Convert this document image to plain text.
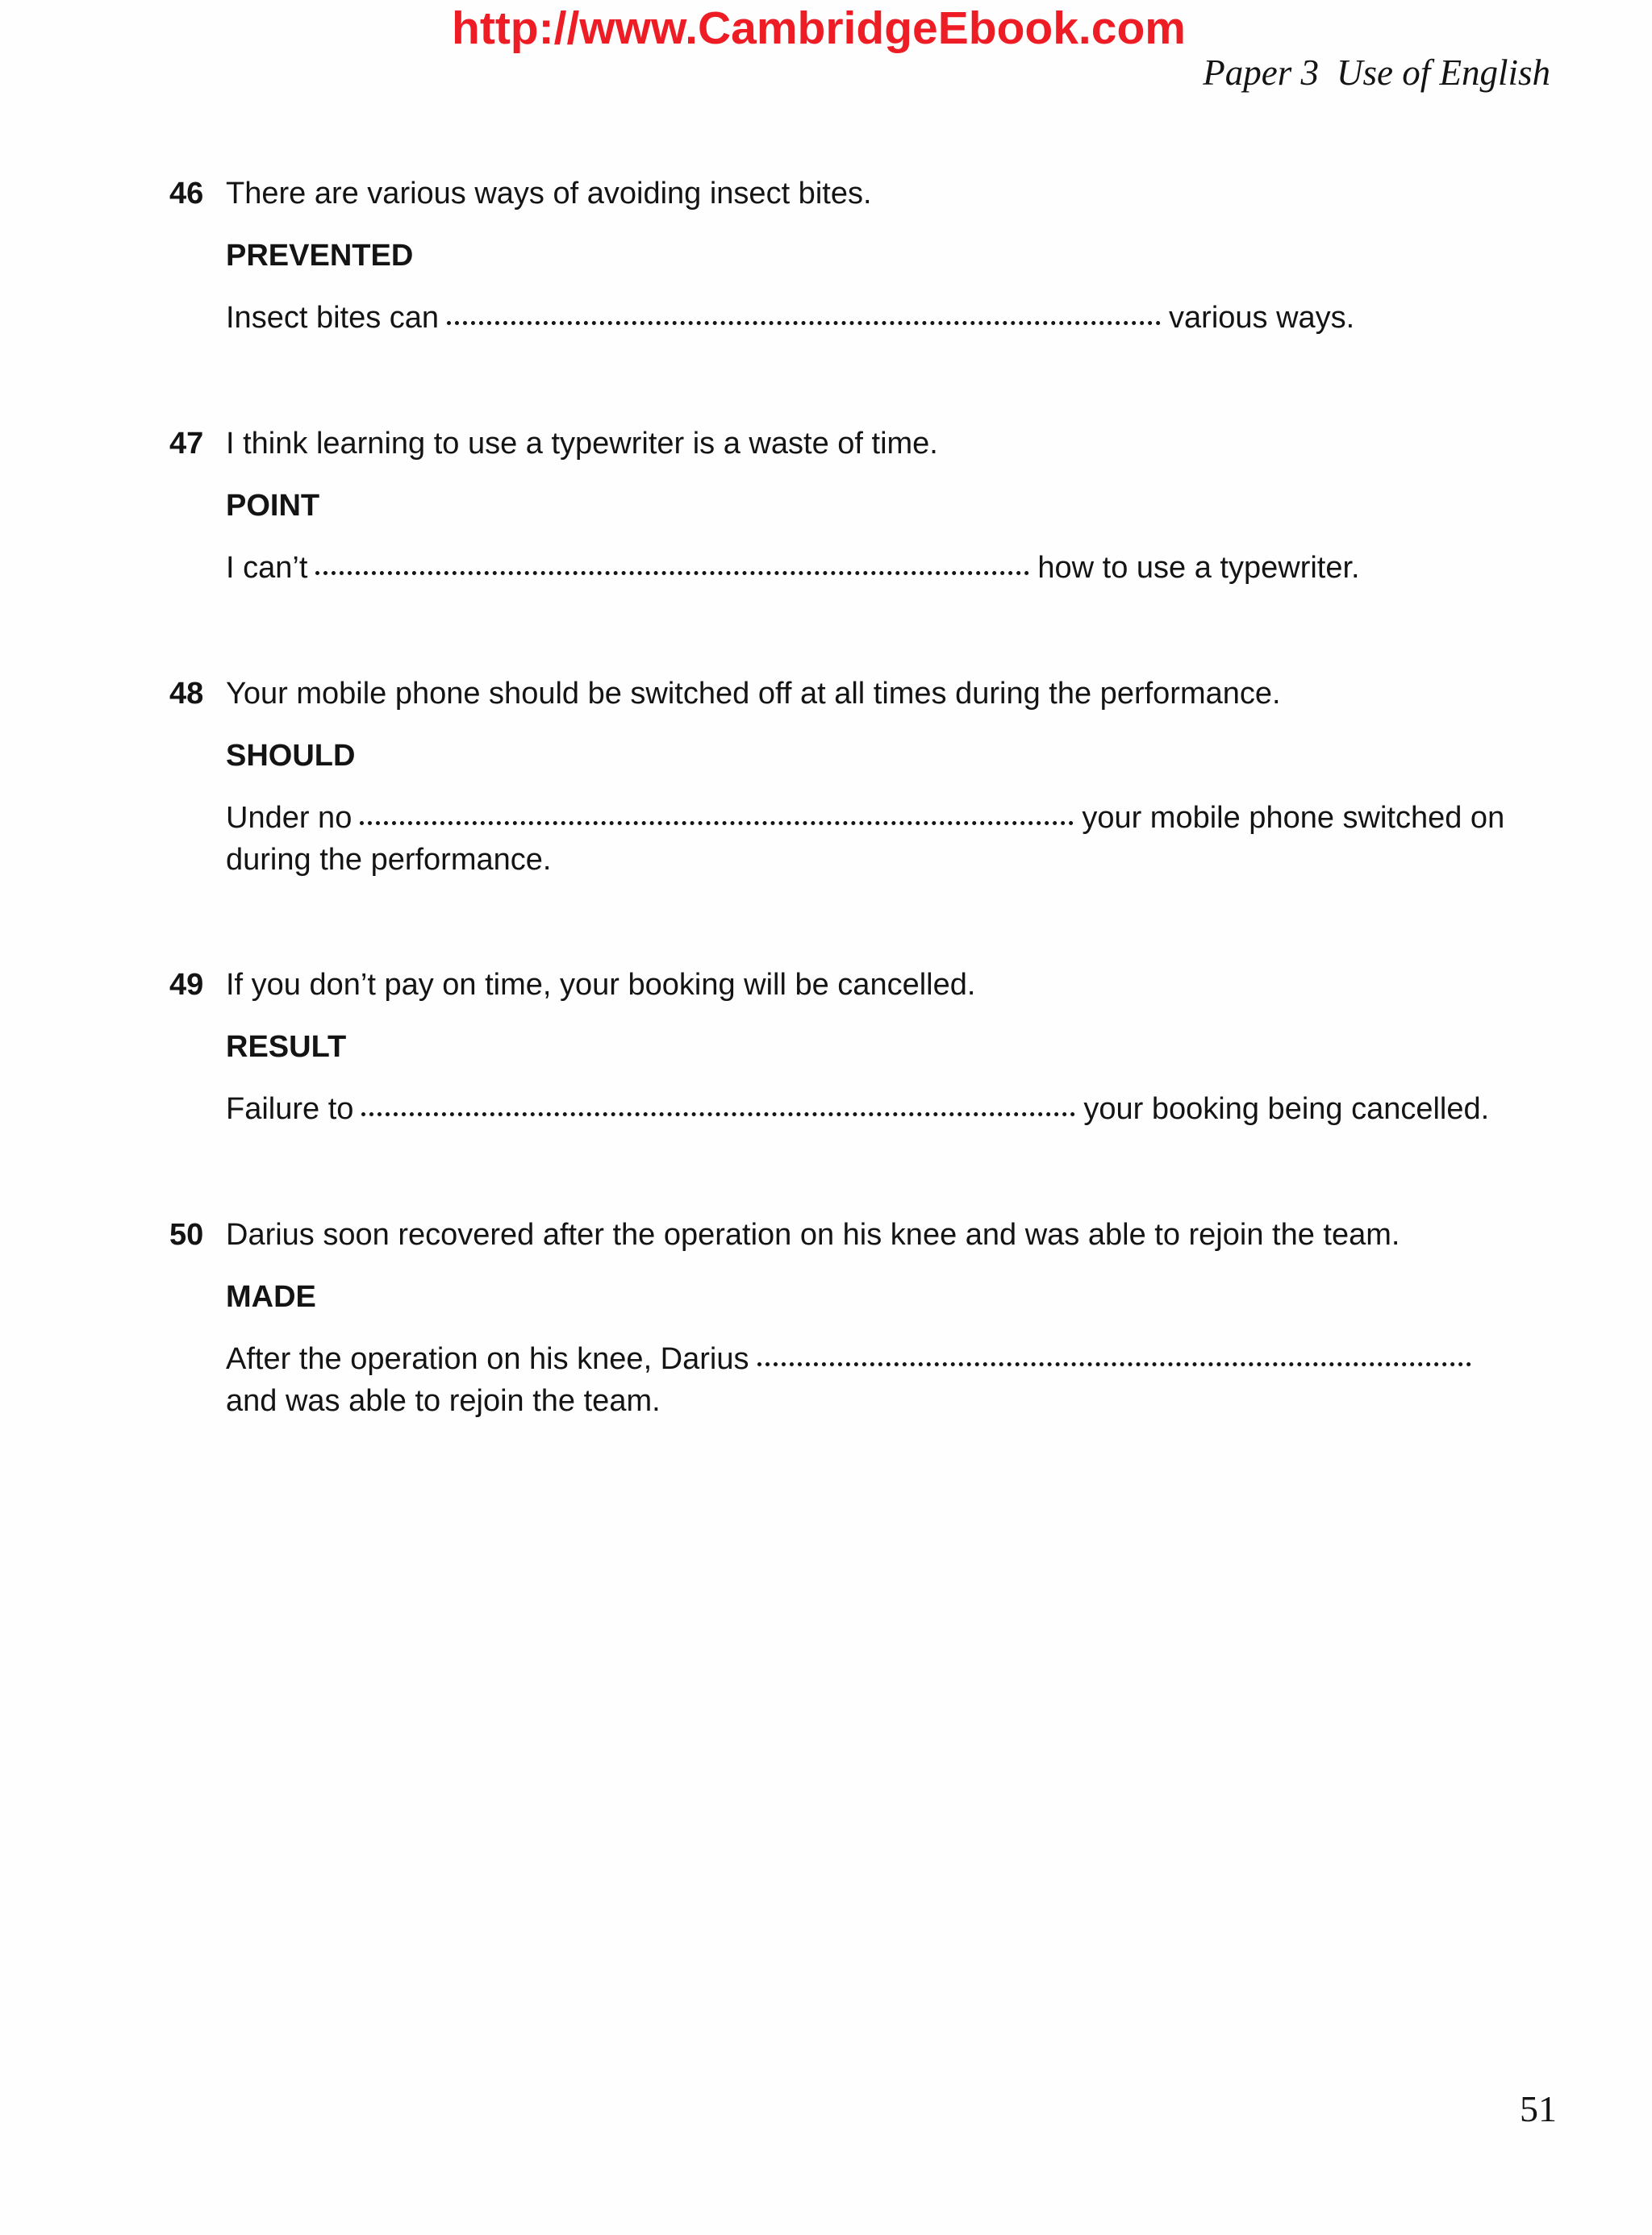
http://www.CambridgeEbook.com
Paper 3 Use of English
46 There are various ways of avoiding insect bites.
PREVENTED
Insect bites can	various ways.
47 I think learning to use a typewriter is a waste of time.
POINT
I can’t	how to use a typewriter.
48 Your mobile phone should be switched off at all times during the performance.
SHOULD
Under no	your mobile phone switched on
during the performance.
49 If you don’t pay on time, your booking will be cancelled.
RESULT
Failure to	your booking being cancelled.
50 Darius soon recovered after the operation on his knee and was able to rejoin the team.
MADE
After the operation on his knee, Darius
and was able to rejoin the team.
51
